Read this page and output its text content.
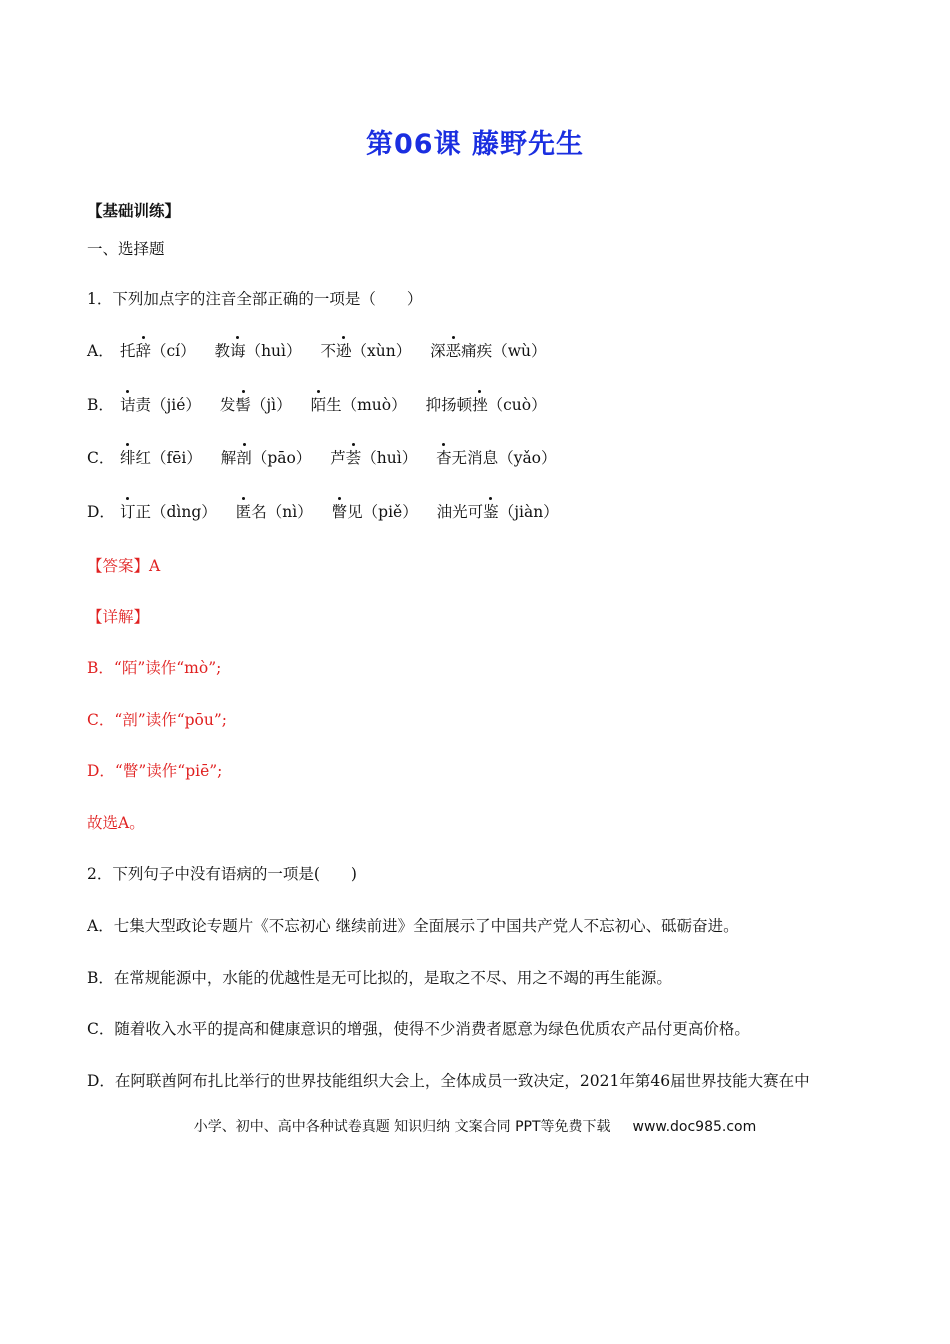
第06课 藤野先生
【基础训练】
一、选择题
1．下列加点字的注音全部正确的一项是（　　）
A． 托辞（cí） 教诲（huì） 不逊（xùn） 深恶痛疾（wù）
B． 诘责（jié） 发髻（jì） 陌生（muò） 抑扬顿挫（cuò）
C． 绯红（fēi） 解剖（pāo） 芦荟（huì） 杳无消息（yǎo）
D． 订正（dìng） 匿名（nì） 瞥见（piě） 油光可鉴（jiàn）
【答案】A
【详解】
B．“陌”读作“mò”;
C．“剖”读作“pōu”;
D．“瞥”读作“piē”;
故选A。
2．下列句子中没有语病的一项是(　　)
A．七集大型政论专题片《不忘初心 继续前进》全面展示了中国共产党人不忘初心、砥砺奋进。
B．在常规能源中，水能的优越性是无可比拟的，是取之不尽、用之不竭的再生能源。
C．随着收入水平的提高和健康意识的增强，使得不少消费者愿意为绿色优质农产品付更高价格。
D．在阿联酋阿布扎比举行的世界技能组织大会上，全体成员一致决定，2021年第46届世界技能大赛在中
小学、初中、高中各种试卷真题 知识归纳 文案合同 PPT等免费下载 www.doc985.com
